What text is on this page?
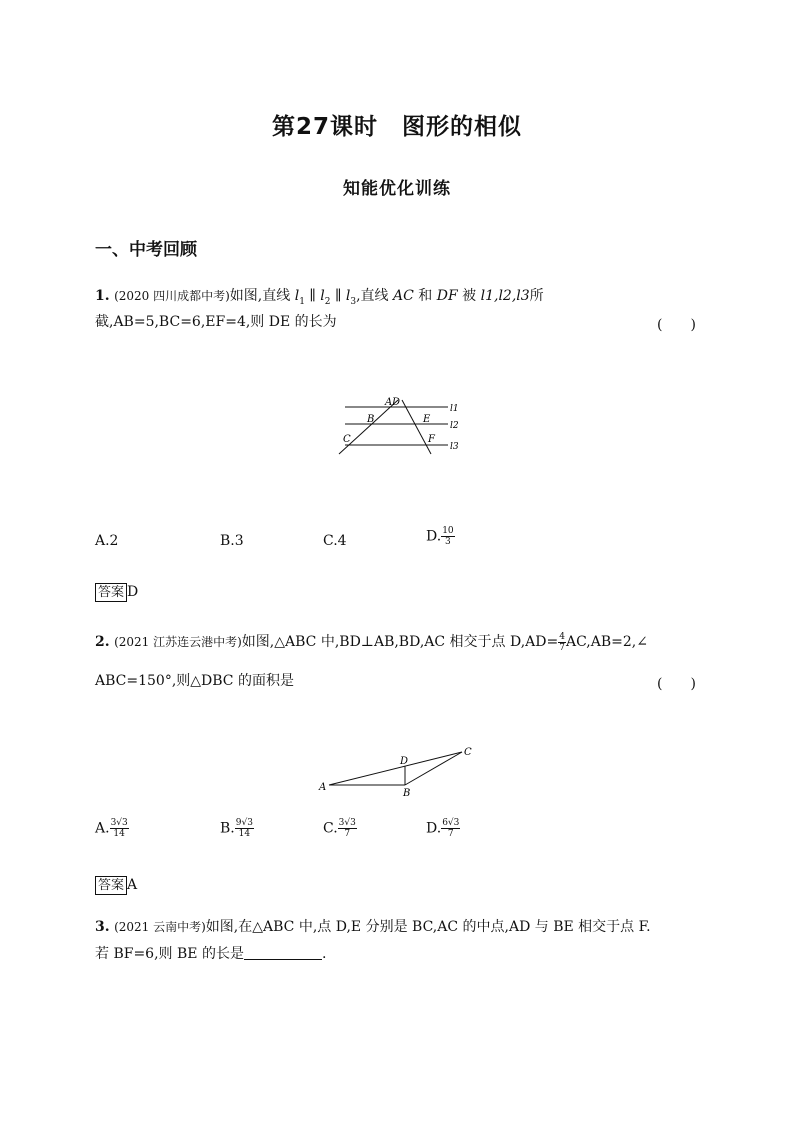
第27课时　图形的相似
知能优化训练
一、中考回顾
1. (2020 四川成都中考)如图,直线 $l_1$ ∥ $l_2$ ∥ $l_3$,直线 AC 和 DF 被 l1,l2,l3所
截,AB=5,BC=6,EF=4,则 DE 的长为	(　　)
A
B
C
D
E
F
l1
l2
l3
A.2	B.3	C.4	D. $\frac{10}{3}$
答案 D
2. (2021 江苏连云港中考)如图,△ABC 中,BD⊥AB,BD,AC 相交于点 $D,AD= \frac{4}{7}$ AC,AB=2,∠
ABC=150°,则△DBC 的面积是	(　　)
A
B
C
D
A. $\frac{3√3}{14}$	B. $\frac{9√3}{14}$	C. $\frac{3√3}{7}$	D. $\frac{6√3}{7}$
答案 A
3. (2021 云南中考)如图,在△ABC 中,点 D,E 分别是 BC,AC 的中点,AD 与 BE 相交于点 F.
若 BF=6,则 BE 的长是	.
